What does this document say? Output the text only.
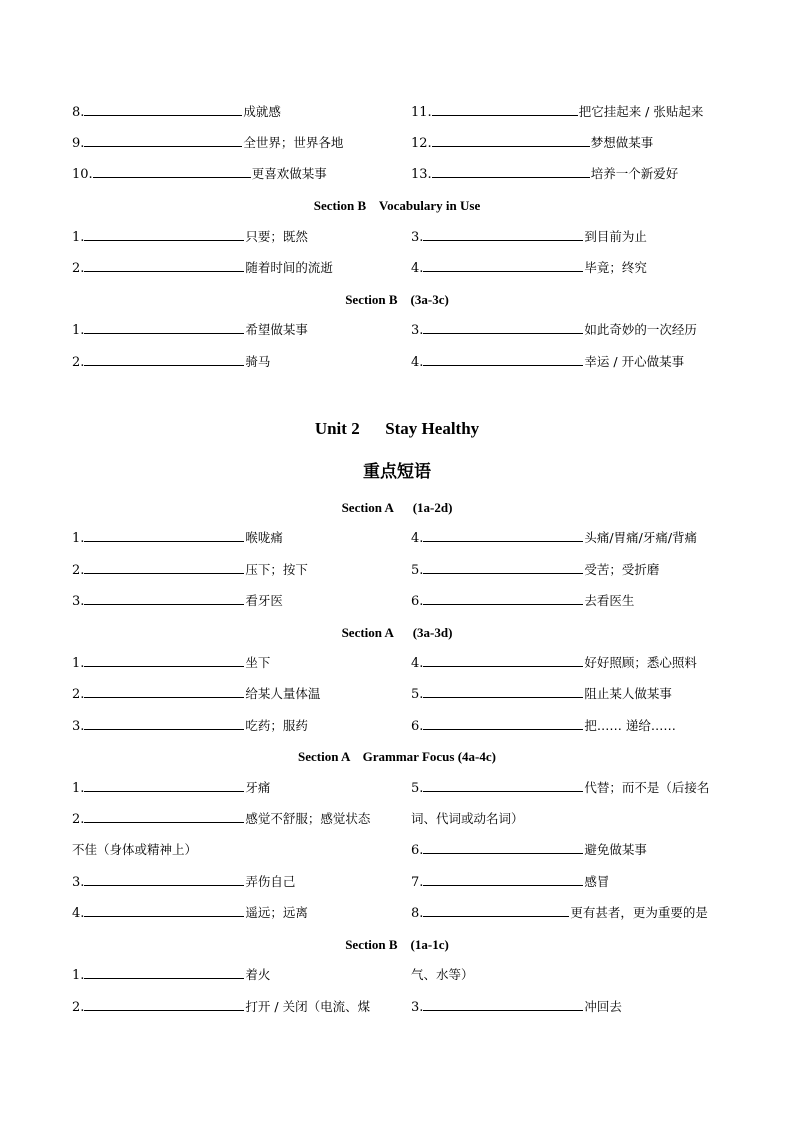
8.	成就感	11.	把它挂起来 / 张贴起来
9.	全世界；世界各地	12.	梦想做某事
10.	更喜欢做某事	13.	培养一个新爱好
Section B    Vocabulary in Use
1.	只要；既然	3.	到目前为止
2.	随着时间的流逝	4.	毕竟；终究
Section B    (3a-3c)
1.	希望做某事	3.	如此奇妙的一次经历
2.	骑马	4.	幸运 / 开心做某事
Unit 2      Stay Healthy
重点短语
Section A      (1a-2d)
1.	喉咙痛	4.	头痛/胃痛/牙痛/背痛
2.	压下；按下	5.	受苦；受折磨
3.	看牙医	6.	去看医生
Section A      (3a-3d)
1.	坐下	4.	好好照顾；悉心照料
2.	给某人量体温	5.	阻止某人做某事
3.	吃药；服药	6.	把…… 递给……
Section A    Grammar Focus (4a-4c)
1.	牙痛	5.	代替；而不是（后接名
2.	感觉不舒服；感觉状态	词、代词或动名词）
不佳（身体或精神上）	6.	避免做某事
3.	弄伤自己	7.	感冒
4.	遥远；远离	8.	更有甚者，更为重要的是
Section B    (1a-1c)
1.	着火	气、水等）
2.	打开 / 关闭（电流、煤	3.	冲回去
